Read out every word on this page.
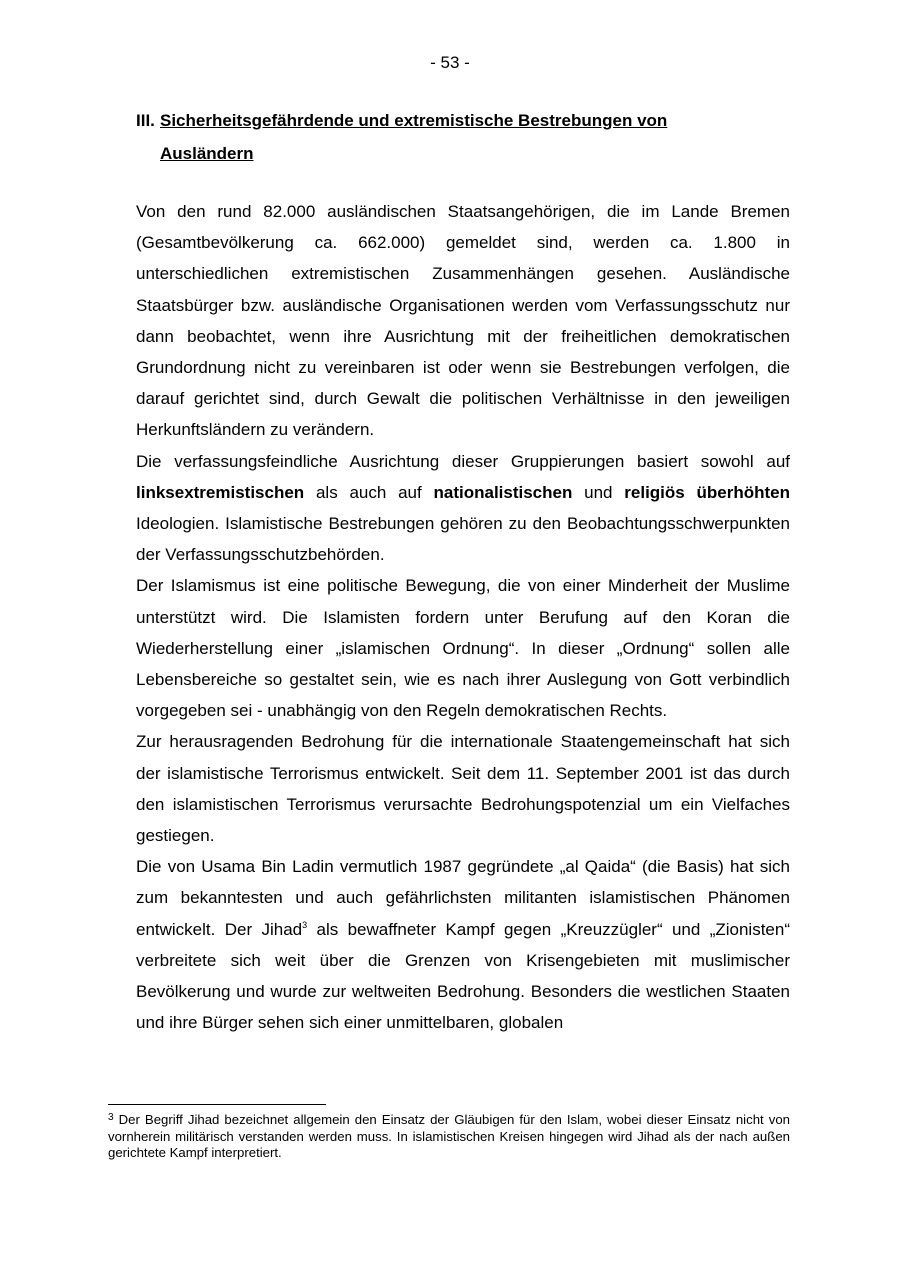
- 53 -
III. Sicherheitsgefährdende und extremistische Bestrebungen von
Ausländern

Von den rund 82.000 ausländischen Staatsangehörigen, die im Lande Bremen (Gesamtbevölkerung ca. 662.000) gemeldet sind, werden ca. 1.800 in unterschiedlichen extremistischen Zusammenhängen gesehen. Ausländische Staatsbürger bzw. ausländische Organisationen werden vom Verfassungsschutz nur dann beobachtet, wenn ihre Ausrichtung mit der freiheitlichen demokratischen Grundordnung nicht zu vereinbaren ist oder wenn sie Bestrebungen verfolgen, die darauf gerichtet sind, durch Gewalt die politischen Verhältnisse in den jeweiligen Herkunftsländern zu verändern.

Die verfassungsfeindliche Ausrichtung dieser Gruppierungen basiert sowohl auf linksextremistischen als auch auf nationalistischen und religiös überhöhten Ideologien. Islamistische Bestrebungen gehören zu den Beobachtungsschwerpunkten der Verfassungsschutzbehörden.

Der Islamismus ist eine politische Bewegung, die von einer Minderheit der Muslime unterstützt wird. Die Islamisten fordern unter Berufung auf den Koran die Wiederherstellung einer „islamischen Ordnung“. In dieser „Ordnung“ sollen alle Lebensbereiche so gestaltet sein, wie es nach ihrer Auslegung von Gott verbindlich vorgegeben sei - unabhängig von den Regeln demokratischen Rechts.

Zur herausragenden Bedrohung für die internationale Staatengemeinschaft hat sich der islamistische Terrorismus entwickelt. Seit dem 11. September 2001 ist das durch den islamistischen Terrorismus verursachte Bedrohungspotenzial um ein Vielfaches gestiegen.

Die von Usama Bin Ladin vermutlich 1987 gegründete „al Qaida“ (die Basis) hat sich zum bekanntesten und auch gefährlichsten militanten islamistischen Phänomen entwickelt. Der Jihad$^3$ als bewaffneter Kampf gegen „Kreuzzügler“ und „Zionisten“ verbreitete sich weit über die Grenzen von Krisengebieten mit muslimischer Bevölkerung und wurde zur weltweiten Bedrohung. Besonders die westlichen Staaten und ihre Bürger sehen sich einer unmittelbaren, globalen

$^3$ Der Begriff Jihad bezeichnet allgemein den Einsatz der Gläubigen für den Islam, wobei dieser Einsatz nicht von vornherein militärisch verstanden werden muss. In islamistischen Kreisen hingegen wird Jihad als der nach außen gerichtete Kampf interpretiert.
